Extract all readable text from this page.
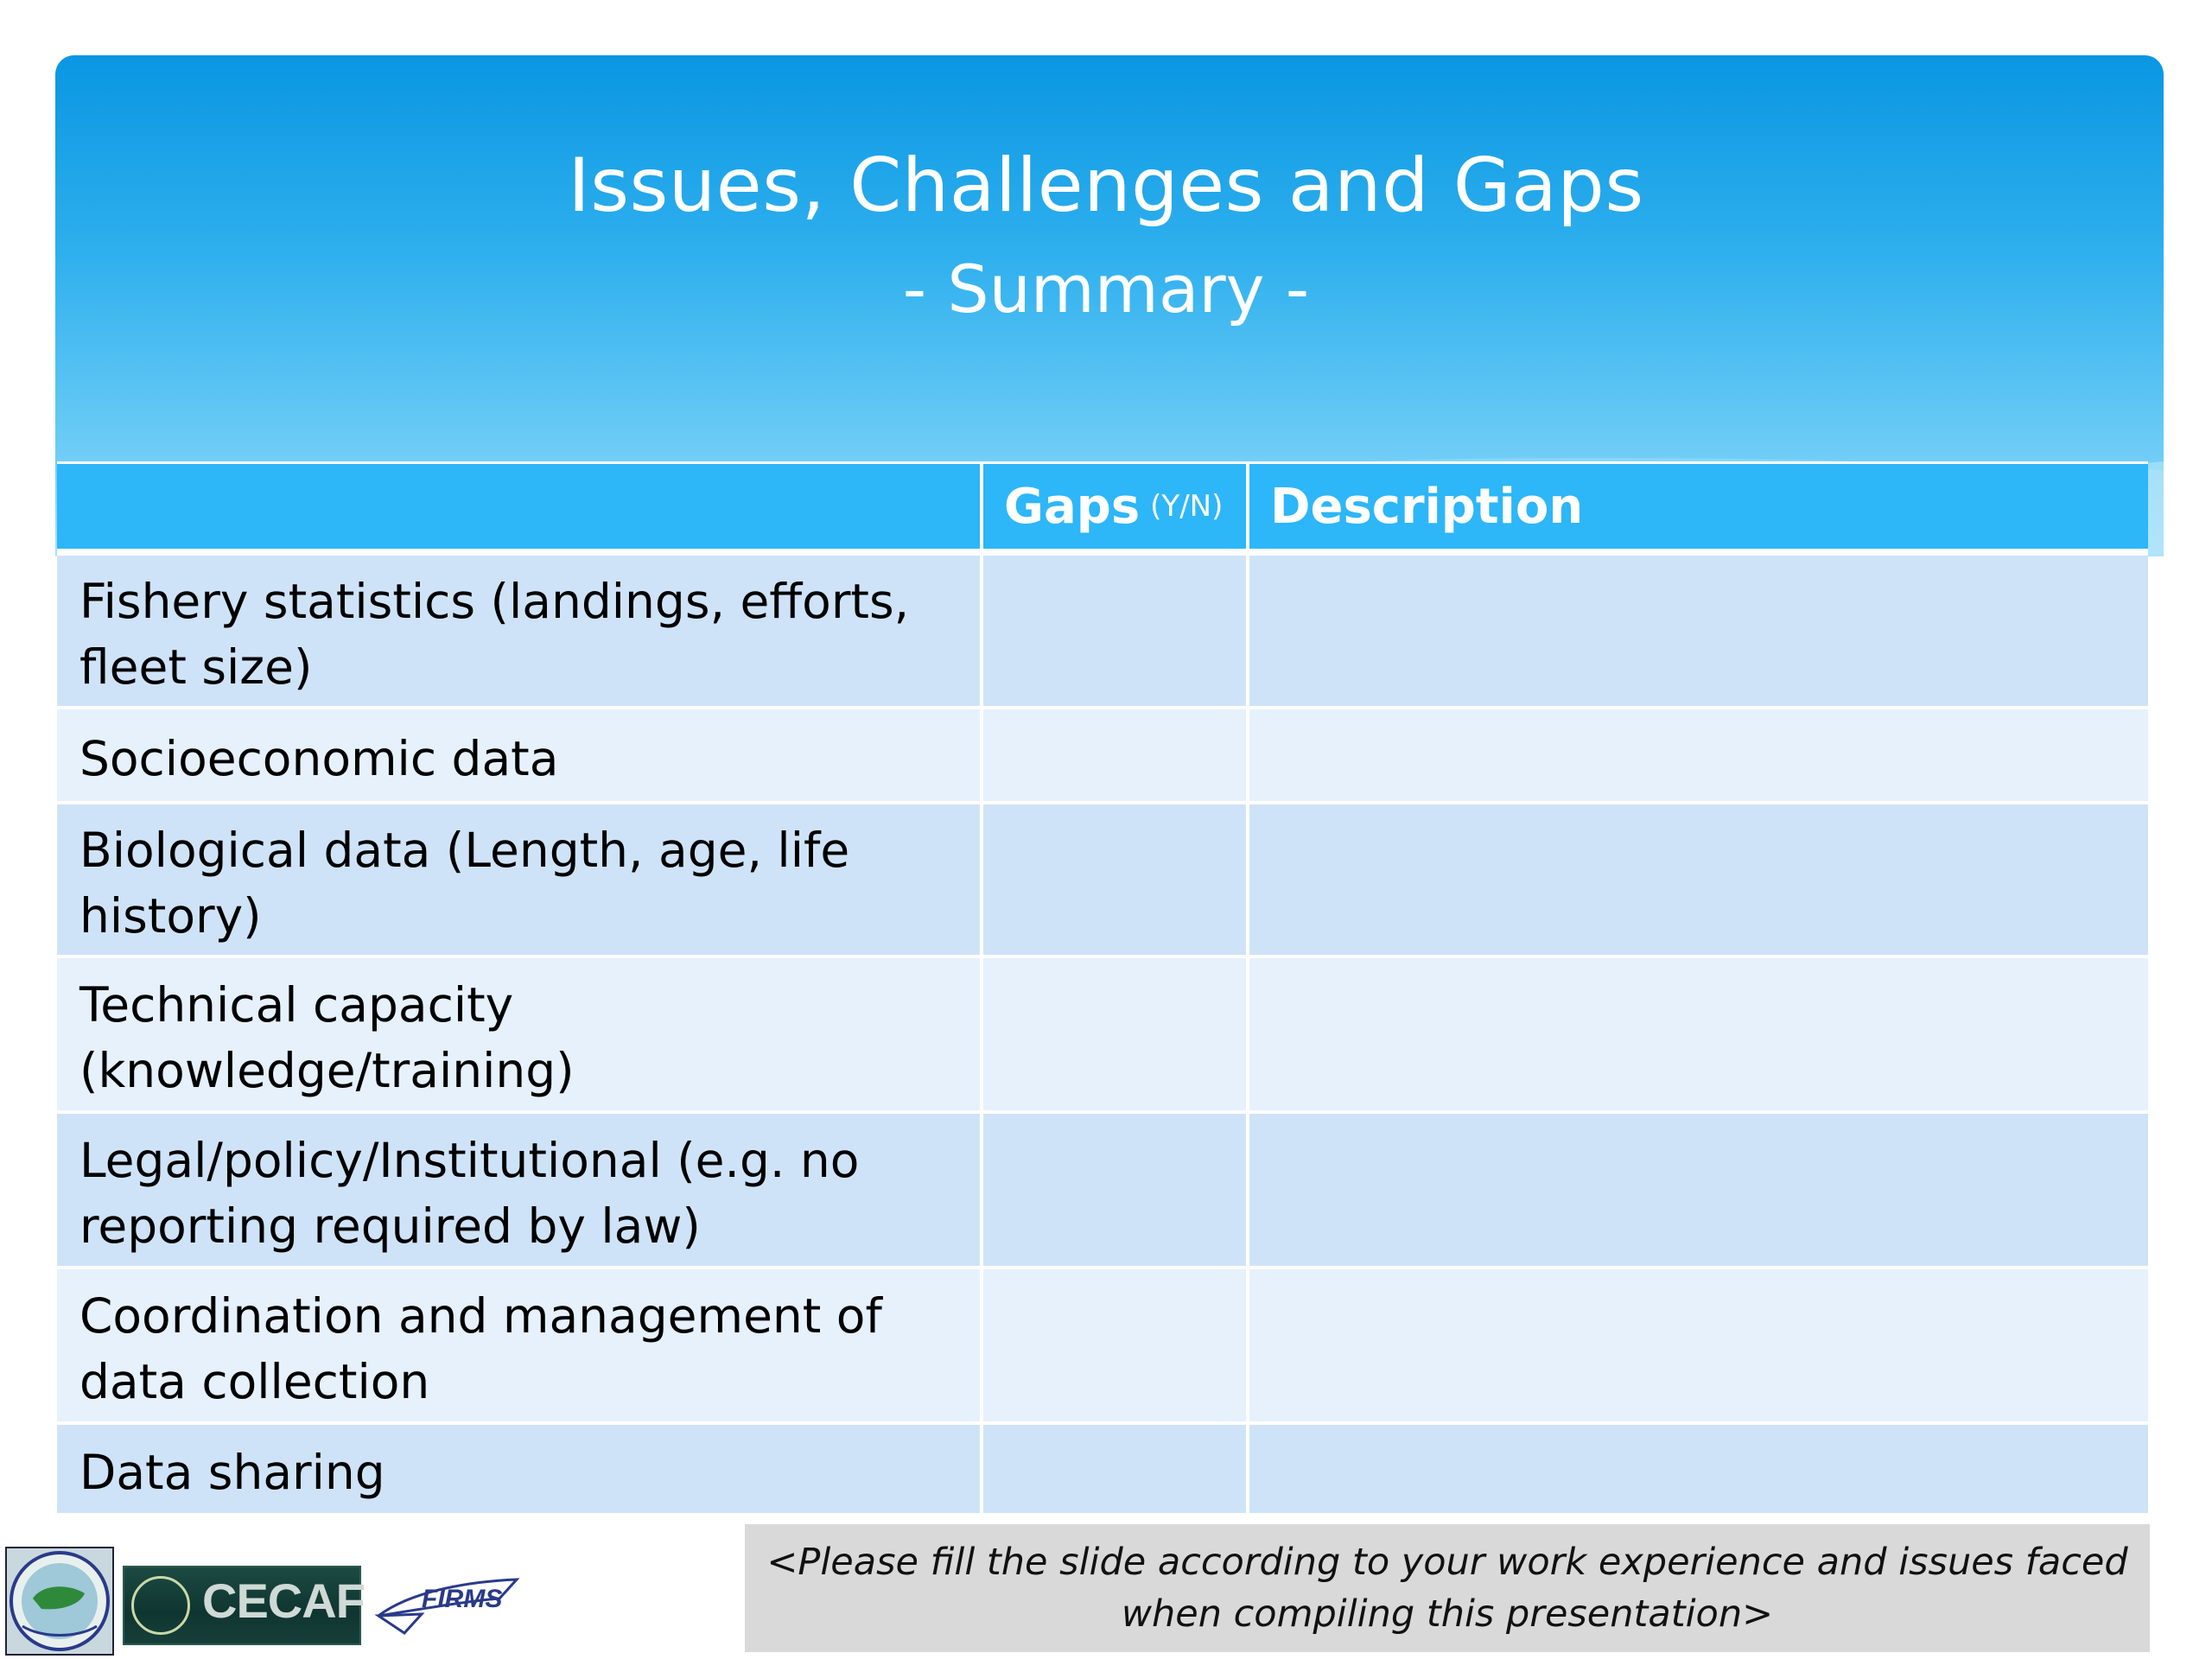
Issues, Challenges and Gaps
- Summary -
Gaps (Y/N) Description
Fishery statistics (landings, efforts, fleet size)
Socioeconomic data
Biological data (Length, age, life history)
Technical capacity (knowledge/training)
Legal/policy/Institutional (e.g. no reporting required by law)
Coordination and management of data collection
Data sharing
<Please fill the slide according to your work experience and issues faced when compiling this presentation>
CECAF FIRMS
